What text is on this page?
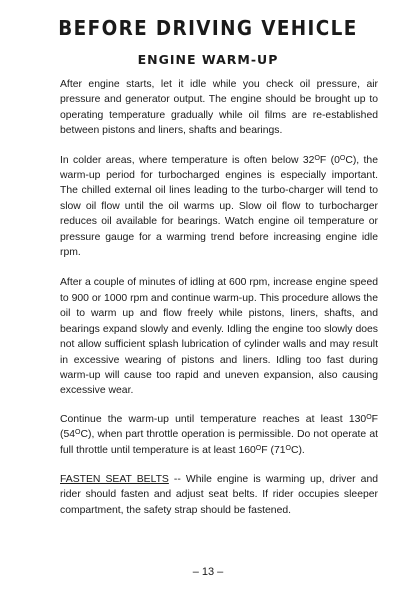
BEFORE DRIVING VEHICLE
ENGINE WARM-UP

After engine starts, let it idle while you check oil pressure, air pressure and generator output. The engine should be brought up to operating temperature gradually while oil films are re-established between pistons and liners, shafts and bearings.

In colder areas, where temperature is often below $32^OF$ $(0^OC)$, the warm-up period for turbocharged engines is especially important. The chilled external oil lines leading to the turbo-charger will tend to slow oil flow until the oil warms up. Slow oil flow to turbocharger reduces oil available for bearings. Watch engine oil temperature or pressure gauge for a warming trend before increasing engine idle rpm.

After a couple of minutes of idling at 600 rpm, increase engine speed to 900 or 1000 rpm and continue warm-up. This procedure allows the oil to warm up and flow freely while pistons, liners, shafts, and bearings expand slowly and evenly. Idling the engine too slowly does not allow sufficient splash lubrication of cylinder walls and may result in excessive wearing of pistons and liners. Idling too fast during warm-up will cause too rapid and uneven expansion, also causing excessive wear.

Continue the warm-up until temperature reaches at least $130^OF$ $(54^OC)$, when part throttle operation is permissible. Do not operate at full throttle until temperature is at least $160^OF$ $(71^OC)$.

FASTEN SEAT BELTS -- While engine is warming up, driver and rider should fasten and adjust seat belts. If rider occupies sleeper compartment, the safety strap should be fastened.

– 13 –
